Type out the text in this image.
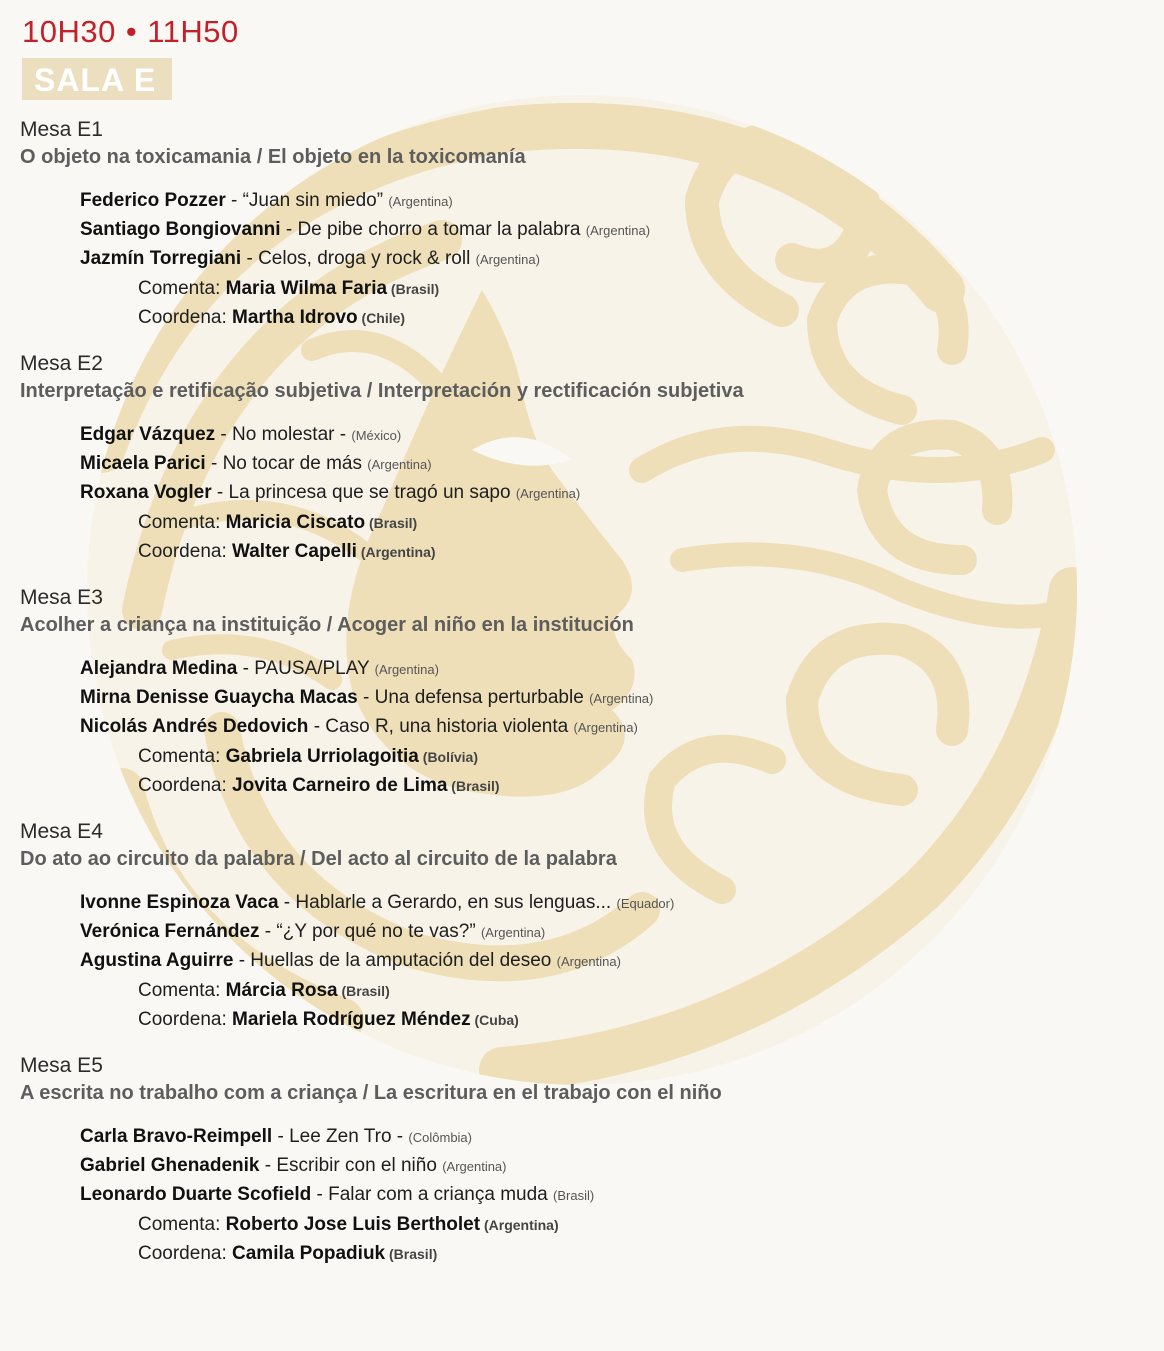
10H30 • 11H50
SALA E
Mesa E1
O objeto na toxicamania / El objeto en la toxicomanía
Federico Pozzer - “Juan sin miedo” (Argentina)
Santiago Bongiovanni - De pibe chorro a tomar la palabra (Argentina)
Jazmín Torregiani - Celos, droga y rock & roll (Argentina)
Comenta: Maria Wilma Faria (Brasil)
Coordena: Martha Idrovo (Chile)
Mesa E2
Interpretação e retificação subjetiva / Interpretación y rectificación subjetiva
Edgar Vázquez - No molestar - (México)
Micaela Parici - No tocar de más (Argentina)
Roxana Vogler - La princesa que se tragó un sapo (Argentina)
Comenta: Maricia Ciscato (Brasil)
Coordena: Walter Capelli (Argentina)
Mesa E3
Acolher a criança na instituição / Acoger al niño en la institución
Alejandra Medina - PAUSA/PLAY (Argentina)
Mirna Denisse Guaycha Macas - Una defensa perturbable (Argentina)
Nicolás Andrés Dedovich - Caso R, una historia violenta (Argentina)
Comenta: Gabriela Urriolagoitia (Bolívia)
Coordena: Jovita Carneiro de Lima (Brasil)
Mesa E4
Do ato ao circuito da palabra / Del acto al circuito de la palabra
Ivonne Espinoza Vaca - Hablarle a Gerardo, en sus lenguas... (Equador)
Verónica Fernández - “¿Y por qué no te vas?” (Argentina)
Agustina Aguirre - Huellas de la amputación del deseo (Argentina)
Comenta: Márcia Rosa (Brasil)
Coordena: Mariela Rodríguez Méndez (Cuba)
Mesa E5
A escrita no trabalho com a criança / La escritura en el trabajo con el niño
Carla Bravo-Reimpell - Lee Zen Tro - (Colômbia)
Gabriel Ghenadenik - Escribir con el niño (Argentina)
Leonardo Duarte Scofield - Falar com a criança muda (Brasil)
Comenta: Roberto Jose Luis Bertholet (Argentina)
Coordena: Camila Popadiuk (Brasil)
